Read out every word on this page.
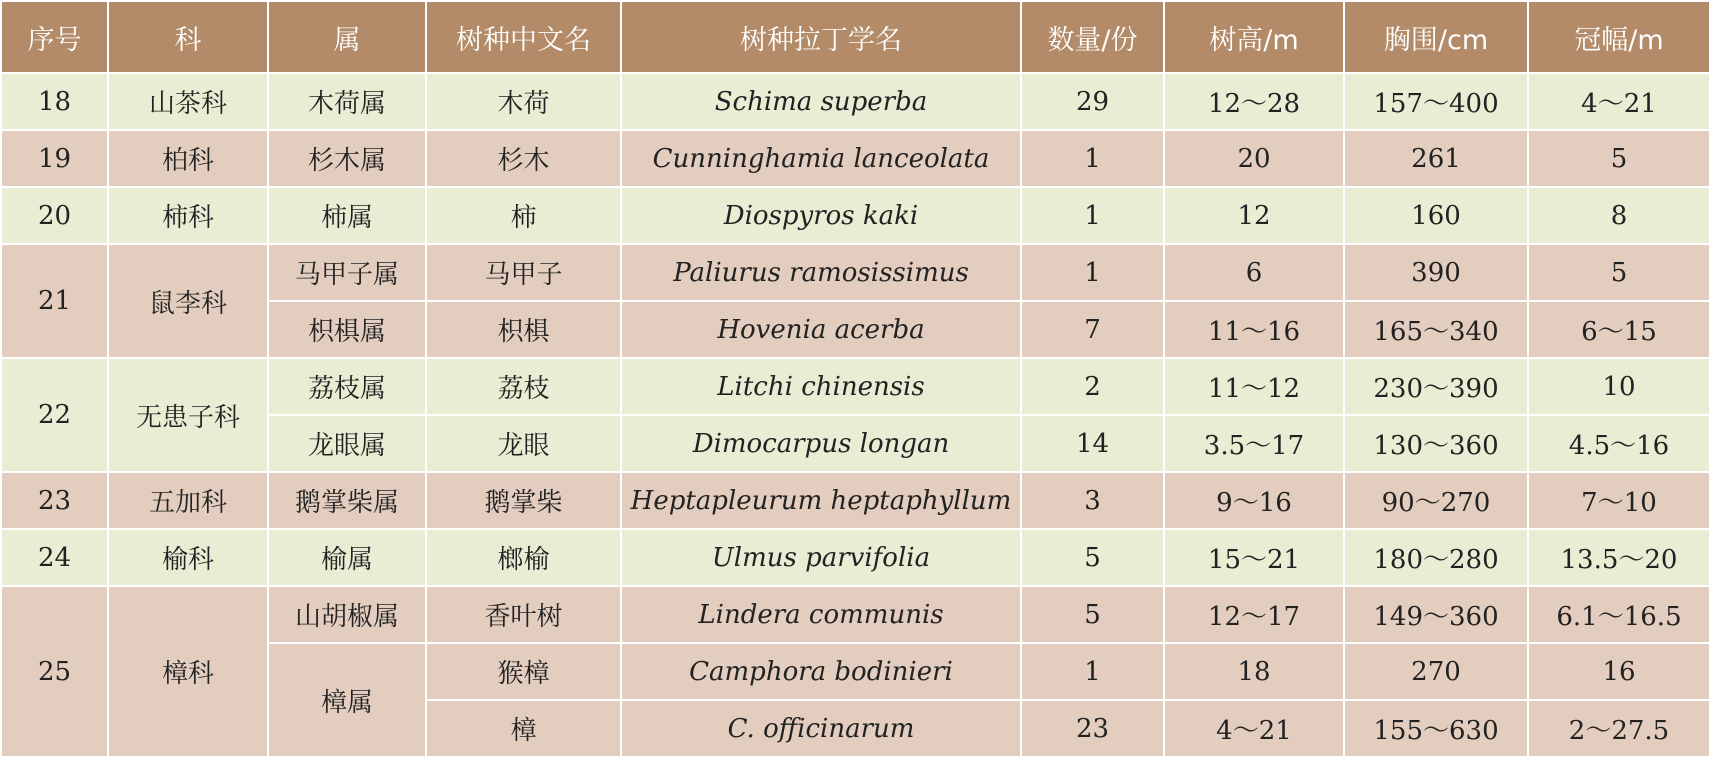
序号	科	属	树种中文名	树种拉丁学名	数量/份	树高/m	胸围/cm	冠幅/m
18	山茶科	木荷属	木荷	Schima superba	29	12～28	157～400	4～21
19	柏科	杉木属	杉木	Cunninghamia lanceolata	1	20	261	5
20	柿科	柿属	柿	Diospyros kaki	1	12	160	8
21	鼠李科	马甲子属	马甲子	Paliurus ramosissimus	1	6	390	5
		枳椇属	枳椇	Hovenia acerba	7	11～16	165～340	6～15
22	无患子科	荔枝属	荔枝	Litchi chinensis	2	11～12	230～390	10
		龙眼属	龙眼	Dimocarpus longan	14	3.5～17	130～360	4.5～16
23	五加科	鹅掌柴属	鹅掌柴	Heptapleurum heptaphyllum	3	9～16	90～270	7～10
24	榆科	榆属	榔榆	Ulmus parvifolia	5	15～21	180～280	13.5～20
25	樟科	山胡椒属	香叶树	Lindera communis	5	12～17	149～360	6.1～16.5
		樟属	猴樟	Camphora bodinieri	1	18	270	16
			樟	C. officinarum	23	4～21	155～630	2～27.5
